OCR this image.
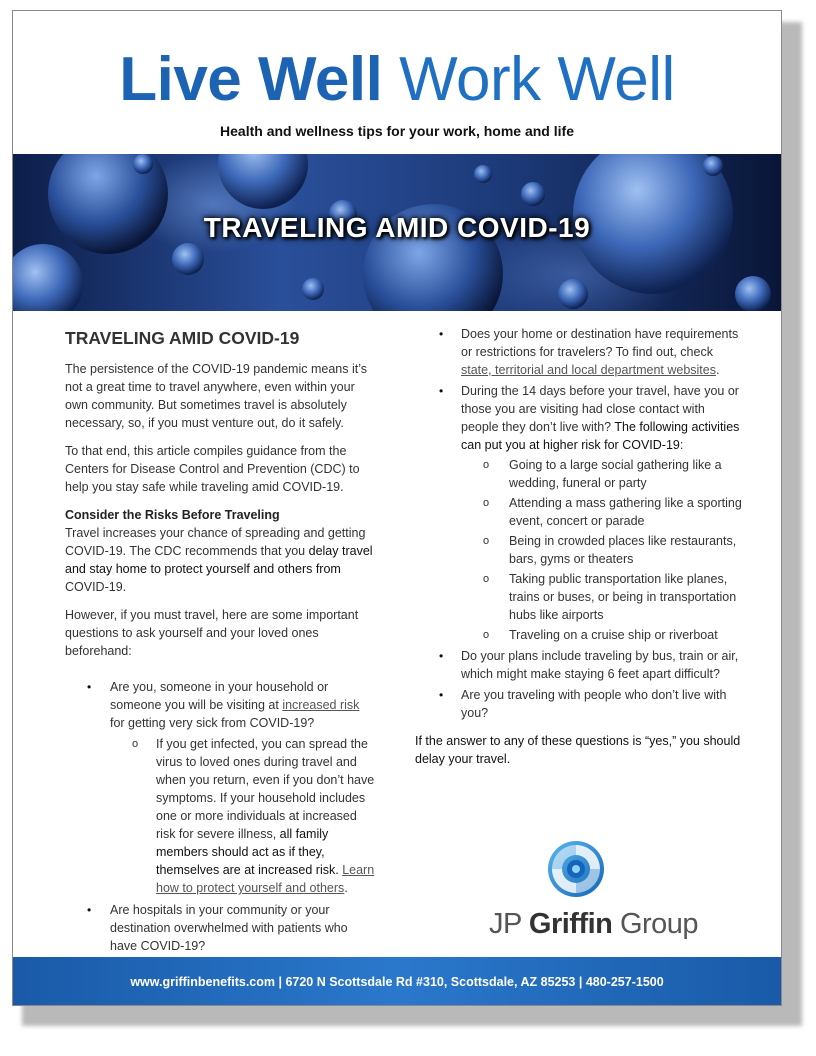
Live Well Work Well
Health and wellness tips for your work, home and life
TRAVELING AMID COVID-19
TRAVELING AMID COVID-19

The persistence of the COVID-19 pandemic means it’s not a great time to travel anywhere, even within your own community. But sometimes travel is absolutely necessary, so, if you must venture out, do it safely.

To that end, this article compiles guidance from the Centers for Disease Control and Prevention (CDC) to help you stay safe while traveling amid COVID-19.

Consider the Risks Before Traveling

Travel increases your chance of spreading and getting COVID-19. The CDC recommends that you delay travel and stay home to protect yourself and others from COVID-19.

However, if you must travel, here are some important questions to ask yourself and your loved ones beforehand:

• Are you, someone in your household or someone you will be visiting at increased risk for getting very sick from COVID-19?
o If you get infected, you can spread the virus to loved ones during travel and when you return, even if you don’t have symptoms. If your household includes one or more individuals at increased risk for severe illness, all family members should act as if they, themselves are at increased risk. Learn how to protect yourself and others.
• Are hospitals in your community or your destination overwhelmed with patients who have COVID-19?
• Does your home or destination have requirements or restrictions for travelers? To find out, check state, territorial and local department websites.
• During the 14 days before your travel, have you or those you are visiting had close contact with people they don’t live with? The following activities can put you at higher risk for COVID-19:
o Going to a large social gathering like a wedding, funeral or party
o Attending a mass gathering like a sporting event, concert or parade
o Being in crowded places like restaurants, bars, gyms or theaters
o Taking public transportation like planes, trains or buses, or being in transportation hubs like airports
o Traveling on a cruise ship or riverboat
• Do your plans include traveling by bus, train or air, which might make staying 6 feet apart difficult?
• Are you traveling with people who don’t live with you?

If the answer to any of these questions is “yes,” you should delay your travel.

JP Griffin Group
www.griffinbenefits.com | 6720 N Scottsdale Rd #310, Scottsdale, AZ 85253 | 480-257-1500
